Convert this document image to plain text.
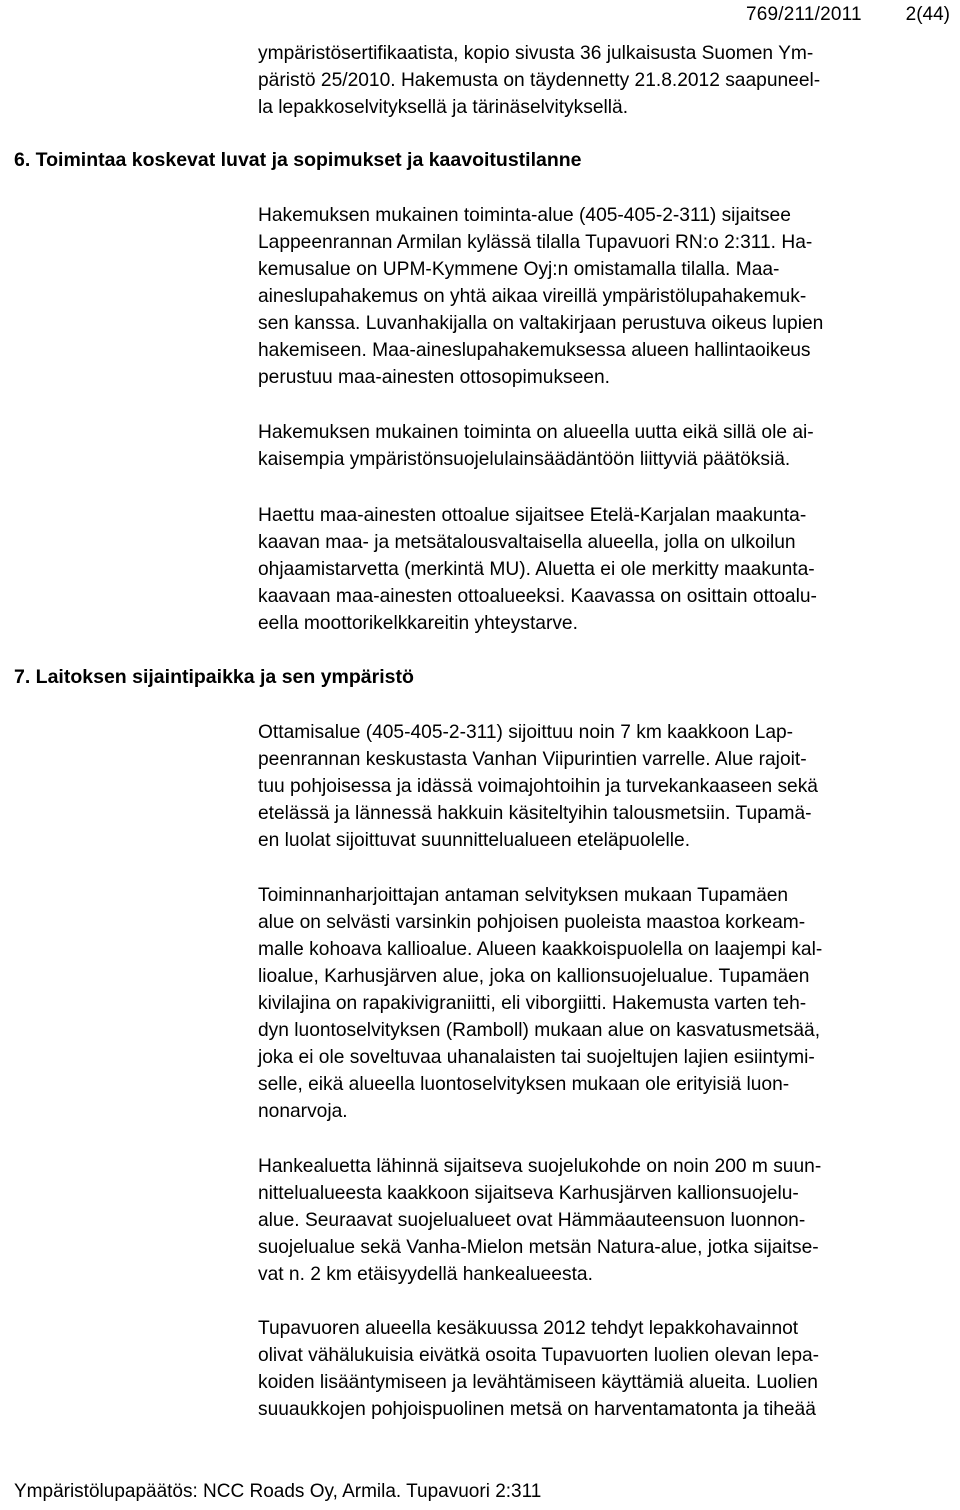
769/211/2011 2(44)
ympäristösertifikaatista, kopio sivusta 36 julkaisusta Suomen Ym-
päristö 25/2010. Hakemusta on täydennetty 21.8.2012 saapuneel-
la lepakkoselvityksellä ja tärinäselvityksellä.
6. Toimintaa koskevat luvat ja sopimukset ja kaavoitustilanne
Hakemuksen mukainen toiminta-alue (405-405-2-311) sijaitsee
Lappeenrannan Armilan kylässä tilalla Tupavuori RN:o 2:311. Ha-
kemusalue on UPM-Kymmene Oyj:n omistamalla tilalla. Maa-
aineslupahakemus on yhtä aikaa vireillä ympäristölupahakemuk-
sen kanssa. Luvanhakijalla on valtakirjaan perustuva oikeus lupien
hakemiseen. Maa-aineslupahakemuksessa alueen hallintaoikeus
perustuu maa-ainesten ottosopimukseen.
Hakemuksen mukainen toiminta on alueella uutta eikä sillä ole ai-
kaisempia ympäristönsuojelulainsäädäntöön liittyviä päätöksiä.
Haettu maa-ainesten ottoalue sijaitsee Etelä-Karjalan maakunta-
kaavan maa- ja metsätalousvaltaisella alueella, jolla on ulkoilun
ohjaamistarvetta (merkintä MU). Aluetta ei ole merkitty maakunta-
kaavaan maa-ainesten ottoalueeksi. Kaavassa on osittain ottoalu-
eella moottorikelkkareitin yhteystarve.
7. Laitoksen sijaintipaikka ja sen ympäristö
Ottamisalue (405-405-2-311) sijoittuu noin 7 km kaakkoon Lap-
peenrannan keskustasta Vanhan Viipurintien varrelle. Alue rajoit-
tuu pohjoisessa ja idässä voimajohtoihin ja turvekankaaseen sekä
etelässä ja lännessä hakkuin käsiteltyihin talousmetsiin. Tupamä-
en luolat sijoittuvat suunnittelualueen eteläpuolelle.
Toiminnanharjoittajan antaman selvityksen mukaan Tupamäen
alue on selvästi varsinkin pohjoisen puoleista maastoa korkeam-
malle kohoava kallioalue. Alueen kaakkoispuolella on laajempi kal-
lioalue, Karhusjärven alue, joka on kallionsuojelualue. Tupamäen
kivilajina on rapakivigraniitti, eli viborgiitti. Hakemusta varten teh-
dyn luontoselvityksen (Ramboll) mukaan alue on kasvatusmetsää,
joka ei ole soveltuvaa uhanalaisten tai suojeltujen lajien esiintymi-
selle, eikä alueella luontoselvityksen mukaan ole erityisiä luon-
nonarvoja.
Hankealuetta lähinnä sijaitseva suojelukohde on noin 200 m suun-
nittelualueesta kaakkoon sijaitseva Karhusjärven kallionsuojelu-
alue. Seuraavat suojelualueet ovat Hämmäauteensuon luonnon-
suojelualue sekä Vanha-Mielon metsän Natura-alue, jotka sijaitse-
vat n. 2 km etäisyydellä hankealueesta.
Tupavuoren alueella kesäkuussa 2012 tehdyt lepakkohavainnot
olivat vähälukuisia eivätkä osoita Tupavuorten luolien olevan lepa-
koiden lisääntymiseen ja levähtämiseen käyttämiä alueita. Luolien
suuaukkojen pohjoispuolinen metsä on harventamatonta ja tiheää
Ympäristölupapäätös: NCC Roads Oy, Armila. Tupavuori 2:311
